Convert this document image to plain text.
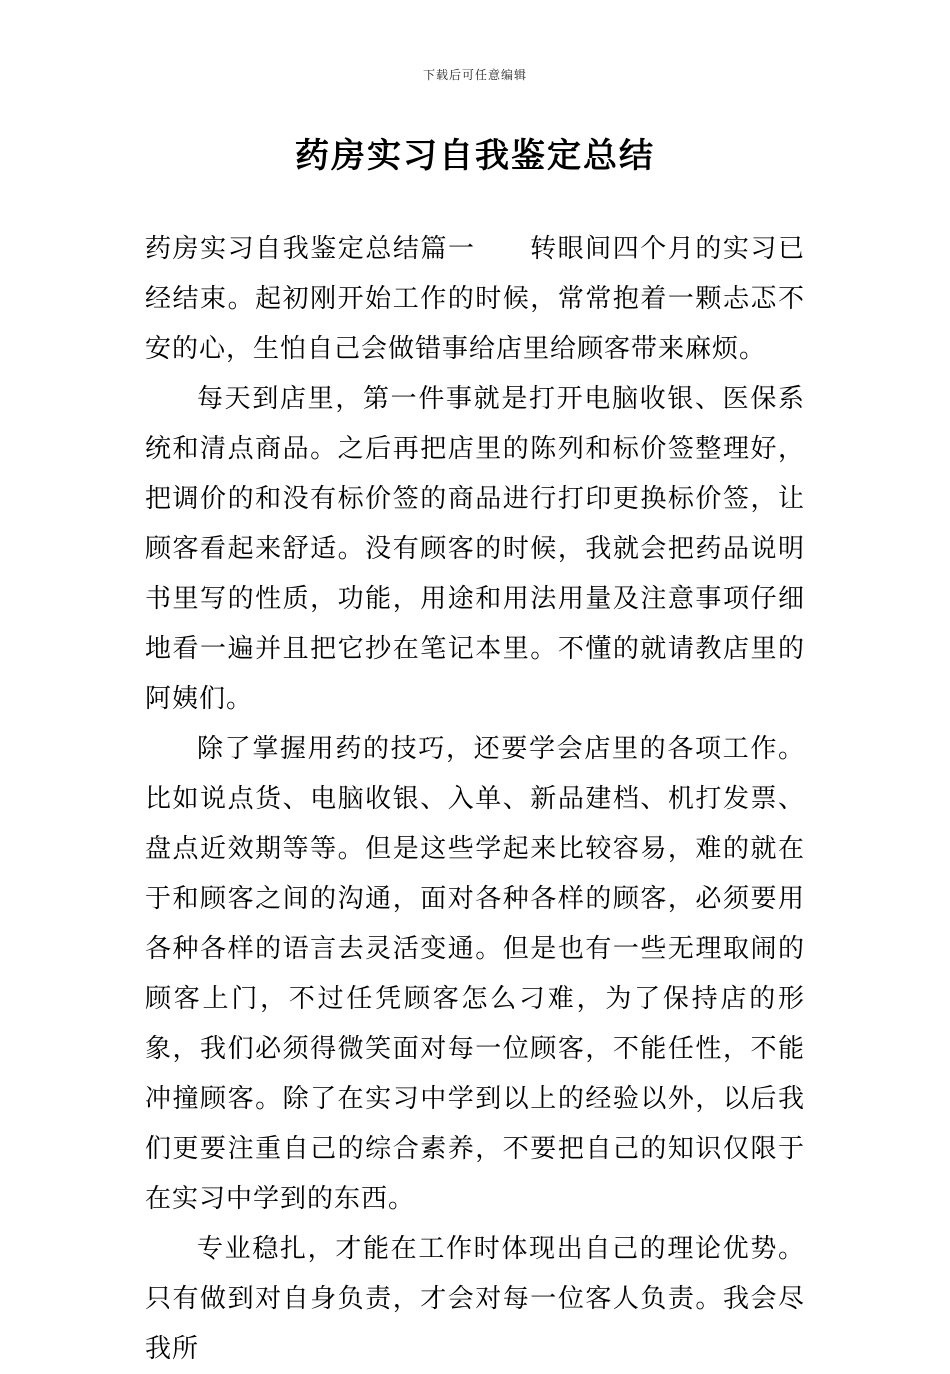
下载后可任意编辑
药房实习自我鉴定总结

药房实习自我鉴定总结篇一 转眼间四个月的实习已经结束。起初刚开始工作的时候，常常抱着一颗忐忑不安的心，生怕自己会做错事给店里给顾客带来麻烦。

每天到店里，第一件事就是打开电脑收银、医保系统和清点商品。之后再把店里的陈列和标价签整理好，把调价的和没有标价签的商品进行打印更换标价签，让顾客看起来舒适。没有顾客的时候，我就会把药品说明书里写的性质，功能，用途和用法用量及注意事项仔细地看一遍并且把它抄在笔记本里。不懂的就请教店里的阿姨们。

除了掌握用药的技巧，还要学会店里的各项工作。比如说点货、电脑收银、入单、新品建档、机打发票、盘点近效期等等。但是这些学起来比较容易，难的就在于和顾客之间的沟通，面对各种各样的顾客，必须要用各种各样的语言去灵活变通。但是也有一些无理取闹的顾客上门，不过任凭顾客怎么刁难，为了保持店的形象，我们必须得微笑面对每一位顾客，不能任性，不能冲撞顾客。除了在实习中学到以上的经验以外，以后我们更要注重自己的综合素养，不要把自己的知识仅限于在实习中学到的东西。

专业稳扎，才能在工作时体现出自己的理论优势。只有做到对自身负责，才会对每一位客人负责。我会尽我所
